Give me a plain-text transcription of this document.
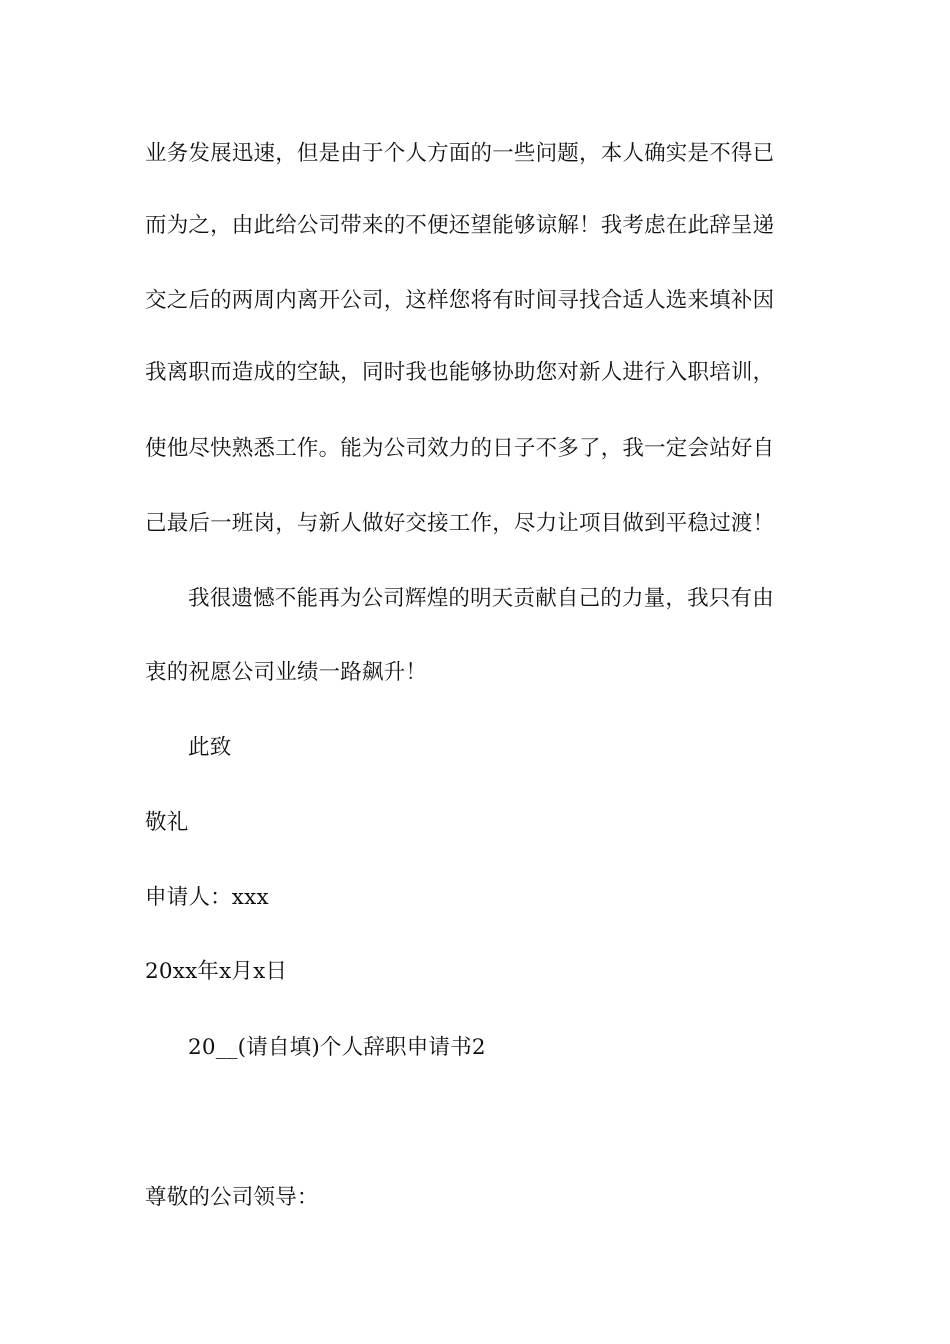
业务发展迅速，但是由于个人方面的一些问题，本人确实是不得已
而为之，由此给公司带来的不便还望能够谅解！我考虑在此辞呈递
交之后的两周内离开公司，这样您将有时间寻找合适人选来填补因
我离职而造成的空缺，同时我也能够协助您对新人进行入职培训，
使他尽快熟悉工作。能为公司效力的日子不多了，我一定会站好自
己最后一班岗，与新人做好交接工作，尽力让项目做到平稳过渡！
我很遗憾不能再为公司辉煌的明天贡献自己的力量，我只有由
衷的祝愿公司业绩一路飙升！
此致
敬礼
申请人：xxx
20xx年x月x日
20__(请自填)个人辞职申请书2
尊敬的公司领导：
